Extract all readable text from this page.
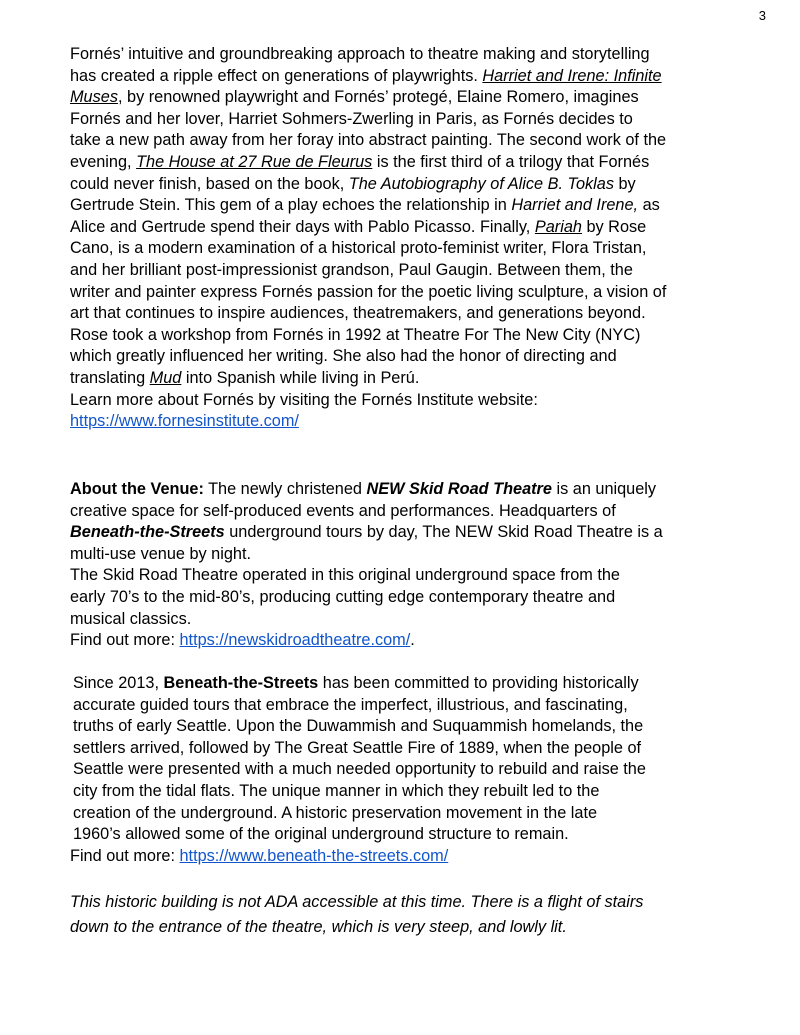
3
Fornés’ intuitive and groundbreaking approach to theatre making and storytelling
has created a ripple effect on generations of playwrights. Harriet and Irene: Infinite
Muses, by renowned playwright and Fornés’ protegé, Elaine Romero, imagines
Fornés and her lover, Harriet Sohmers-Zwerling in Paris, as Fornés decides to
take a new path away from her foray into abstract painting. The second work of the
evening, The House at 27 Rue de Fleurus is the first third of a trilogy that Fornés
could never finish, based on the book, The Autobiography of Alice B. Toklas by
Gertrude Stein. This gem of a play echoes the relationship in Harriet and Irene, as
Alice and Gertrude spend their days with Pablo Picasso. Finally, Pariah by Rose
Cano, is a modern examination of a historical proto-feminist writer, Flora Tristan,
and her brilliant post-impressionist grandson, Paul Gaugin. Between them, the
writer and painter express Fornés passion for the poetic living sculpture, a vision of
art that continues to inspire audiences, theatremakers, and generations beyond.
Rose took a workshop from Fornés in 1992 at Theatre For The New City (NYC)
which greatly influenced her writing. She also had the honor of directing and
translating Mud into Spanish while living in Perú.
Learn more about Fornés by visiting the Fornés Institute website:
https://www.fornesinstitute.com/
About the Venue: The newly christened NEW Skid Road Theatre is an uniquely
creative space for self-produced events and performances. Headquarters of
Beneath-the-Streets underground tours by day, The NEW Skid Road Theatre is a
multi-use venue by night.
The Skid Road Theatre operated in this original underground space from the
early 70’s to the mid-80’s, producing cutting edge contemporary theatre and
musical classics.
Find out more: https://newskidroadtheatre.com/.
Since 2013, Beneath-the-Streets has been committed to providing historically
accurate guided tours that embrace the imperfect, illustrious, and fascinating,
truths of early Seattle. Upon the Duwammish and Suquammish homelands, the
settlers arrived, followed by The Great Seattle Fire of 1889, when the people of
Seattle were presented with a much needed opportunity to rebuild and raise the
city from the tidal flats. The unique manner in which they rebuilt led to the
creation of the underground. A historic preservation movement in the late
1960’s allowed some of the original underground structure to remain.
Find out more: https://www.beneath-the-streets.com/
This historic building is not ADA accessible at this time. There is a flight of stairs
down to the entrance of the theatre, which is very steep, and lowly lit.
